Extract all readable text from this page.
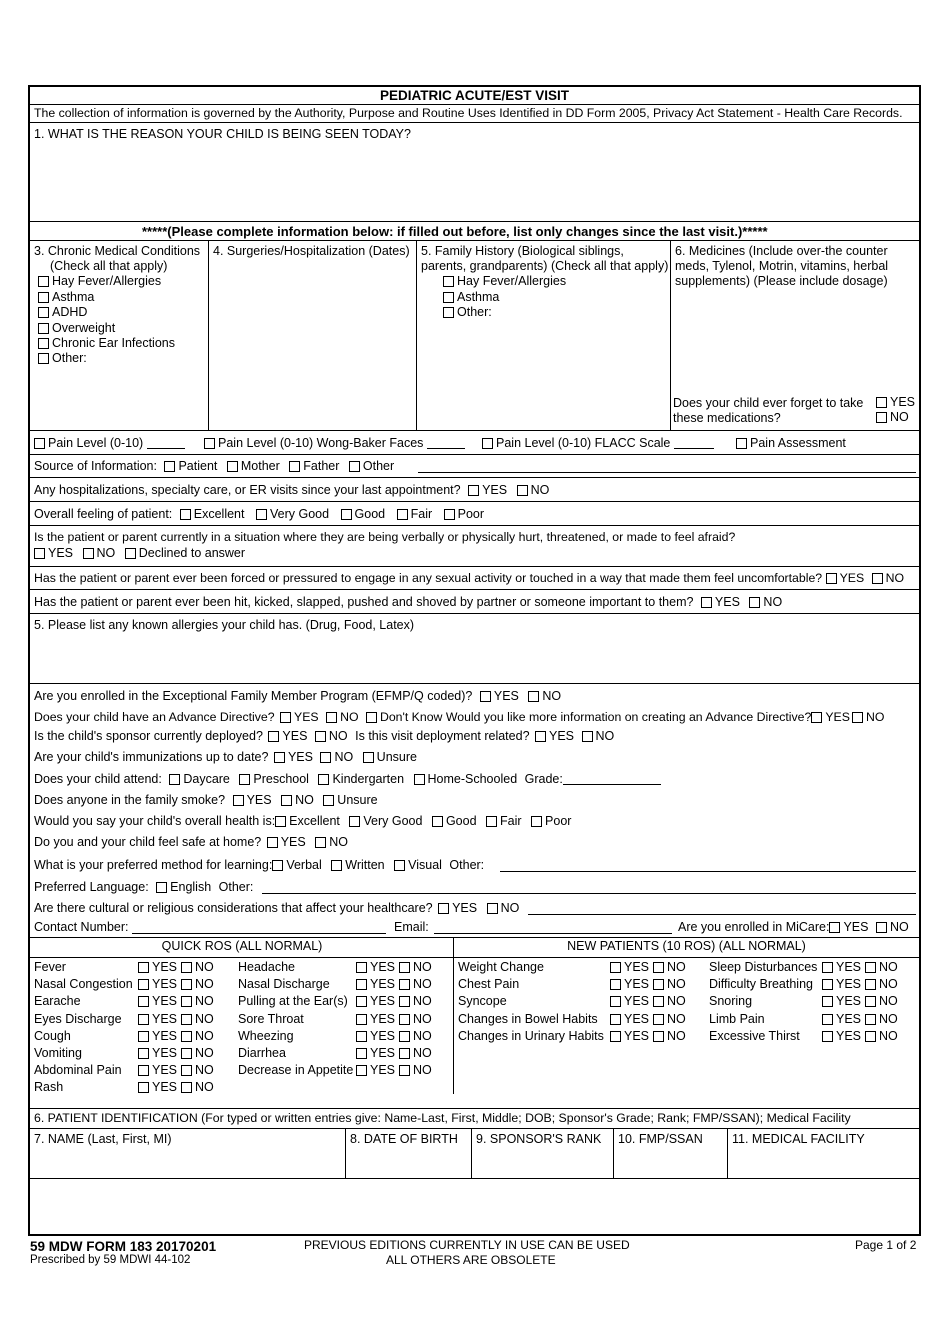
PEDIATRIC ACUTE/EST VISIT
The collection of information is governed by the Authority, Purpose and Routine Uses Identified in DD Form 2005, Privacy Act Statement - Health Care Records.
1. WHAT IS THE REASON YOUR CHILD IS BEING SEEN TODAY?
*****(Please complete information below: if filled out before, list only changes since the last visit.)*****
3. Chronic Medical Conditions
(Check all that apply)
Hay Fever/Allergies
Asthma
ADHD
Overweight
Chronic Ear Infections
Other:
4. Surgeries/Hospitalization (Dates) 5. Family History (Biological siblings,
parents, grandparents) (Check all that apply)
Hay Fever/Allergies
Asthma
Other:
6. Medicines (Include over-the counter
meds, Tylenol, Motrin, vitamins, herbal
supplements) (Please include dosage)
Does your child ever forget to take
these medications?
YES
NO
Pain Level (0-10)	Pain Level (0-10) Wong-Baker Faces	Pain Level (0-10) FLACC Scale	Pain Assessment
Source of Information: Patient Mother Father Other
Any hospitalizations, specialty care, or ER visits since your last appointment? YES NO
Overall feeling of patient: Excellent Very Good Good Fair Poor
Is the patient or parent currently in a situation where they are being verbally or physically hurt, threatened, or made to feel afraid?
YES NO Declined to answer
Has the patient or parent ever been forced or pressured to engage in any sexual activity or touched in a way that made them feel uncomfortable? YES NO
Has the patient or parent ever been hit, kicked, slapped, pushed and shoved by partner or someone important to them? YES NO
5. Please list any known allergies your child has. (Drug, Food, Latex)
Are you enrolled in the Exceptional Family Member Program (EFMP/Q coded)? YES NO
Does your child have an Advance Directive? YES NO Don't Know Would you like more information on creating an Advance Directive? YES NO
Is the child's sponsor currently deployed? YES NO Is this visit deployment related? YES NO
Are your child's immunizations up to date? YES NO Unsure
Does your child attend: Daycare Preschool Kindergarten Home-Schooled Grade:
Does anyone in the family smoke? YES NO Unsure
Would you say your child's overall health is: Excellent Very Good Good Fair Poor
Do you and your child feel safe at home? YES NO
What is your preferred method for learning: Verbal Written Visual Other:
Preferred Language: English Other:
Are there cultural or religious considerations that affect your healthcare? YES NO
Contact Number:	Email:	Are you enrolled in MiCare: YES NO
QUICK ROS (ALL NORMAL)	NEW PATIENTS (10 ROS) (ALL NORMAL)
Fever	YES NO
Nasal Congestion	YES NO
Earache	YES NO
Eyes Discharge	YES NO
Cough	YES NO
Vomiting	YES NO
Abdominal Pain	YES NO
Rash	YES NO
Headache	YES NO
Nasal Discharge	YES NO
Pulling at the Ear(s)	YES NO
Sore Throat	YES NO
Wheezing	YES NO
Diarrhea	YES NO
Decrease in Appetite	YES NO
Weight Change	YES NO
Chest Pain	YES NO
Syncope	YES NO
Changes in Bowel Habits	YES NO
Changes in Urinary Habits	YES NO
Sleep Disturbances	YES NO
Difficulty Breathing	YES NO
Snoring	YES NO
Limb Pain	YES NO
Excessive Thirst	YES NO
6. PATIENT IDENTIFICATION (For typed or written entries give: Name-Last, First, Middle; DOB; Sponsor's Grade; Rank; FMP/SSAN); Medical Facility
7. NAME (Last, First, MI)	8. DATE OF BIRTH 9. SPONSOR'S RANK 10. FMP/SSAN 11. MEDICAL FACILITY
59 MDW FORM 183 20170201
Prescribed by 59 MDWI 44-102
PREVIOUS EDITIONS CURRENTLY IN USE CAN BE USED
ALL OTHERS ARE OBSOLETE
Page 1 of 2
